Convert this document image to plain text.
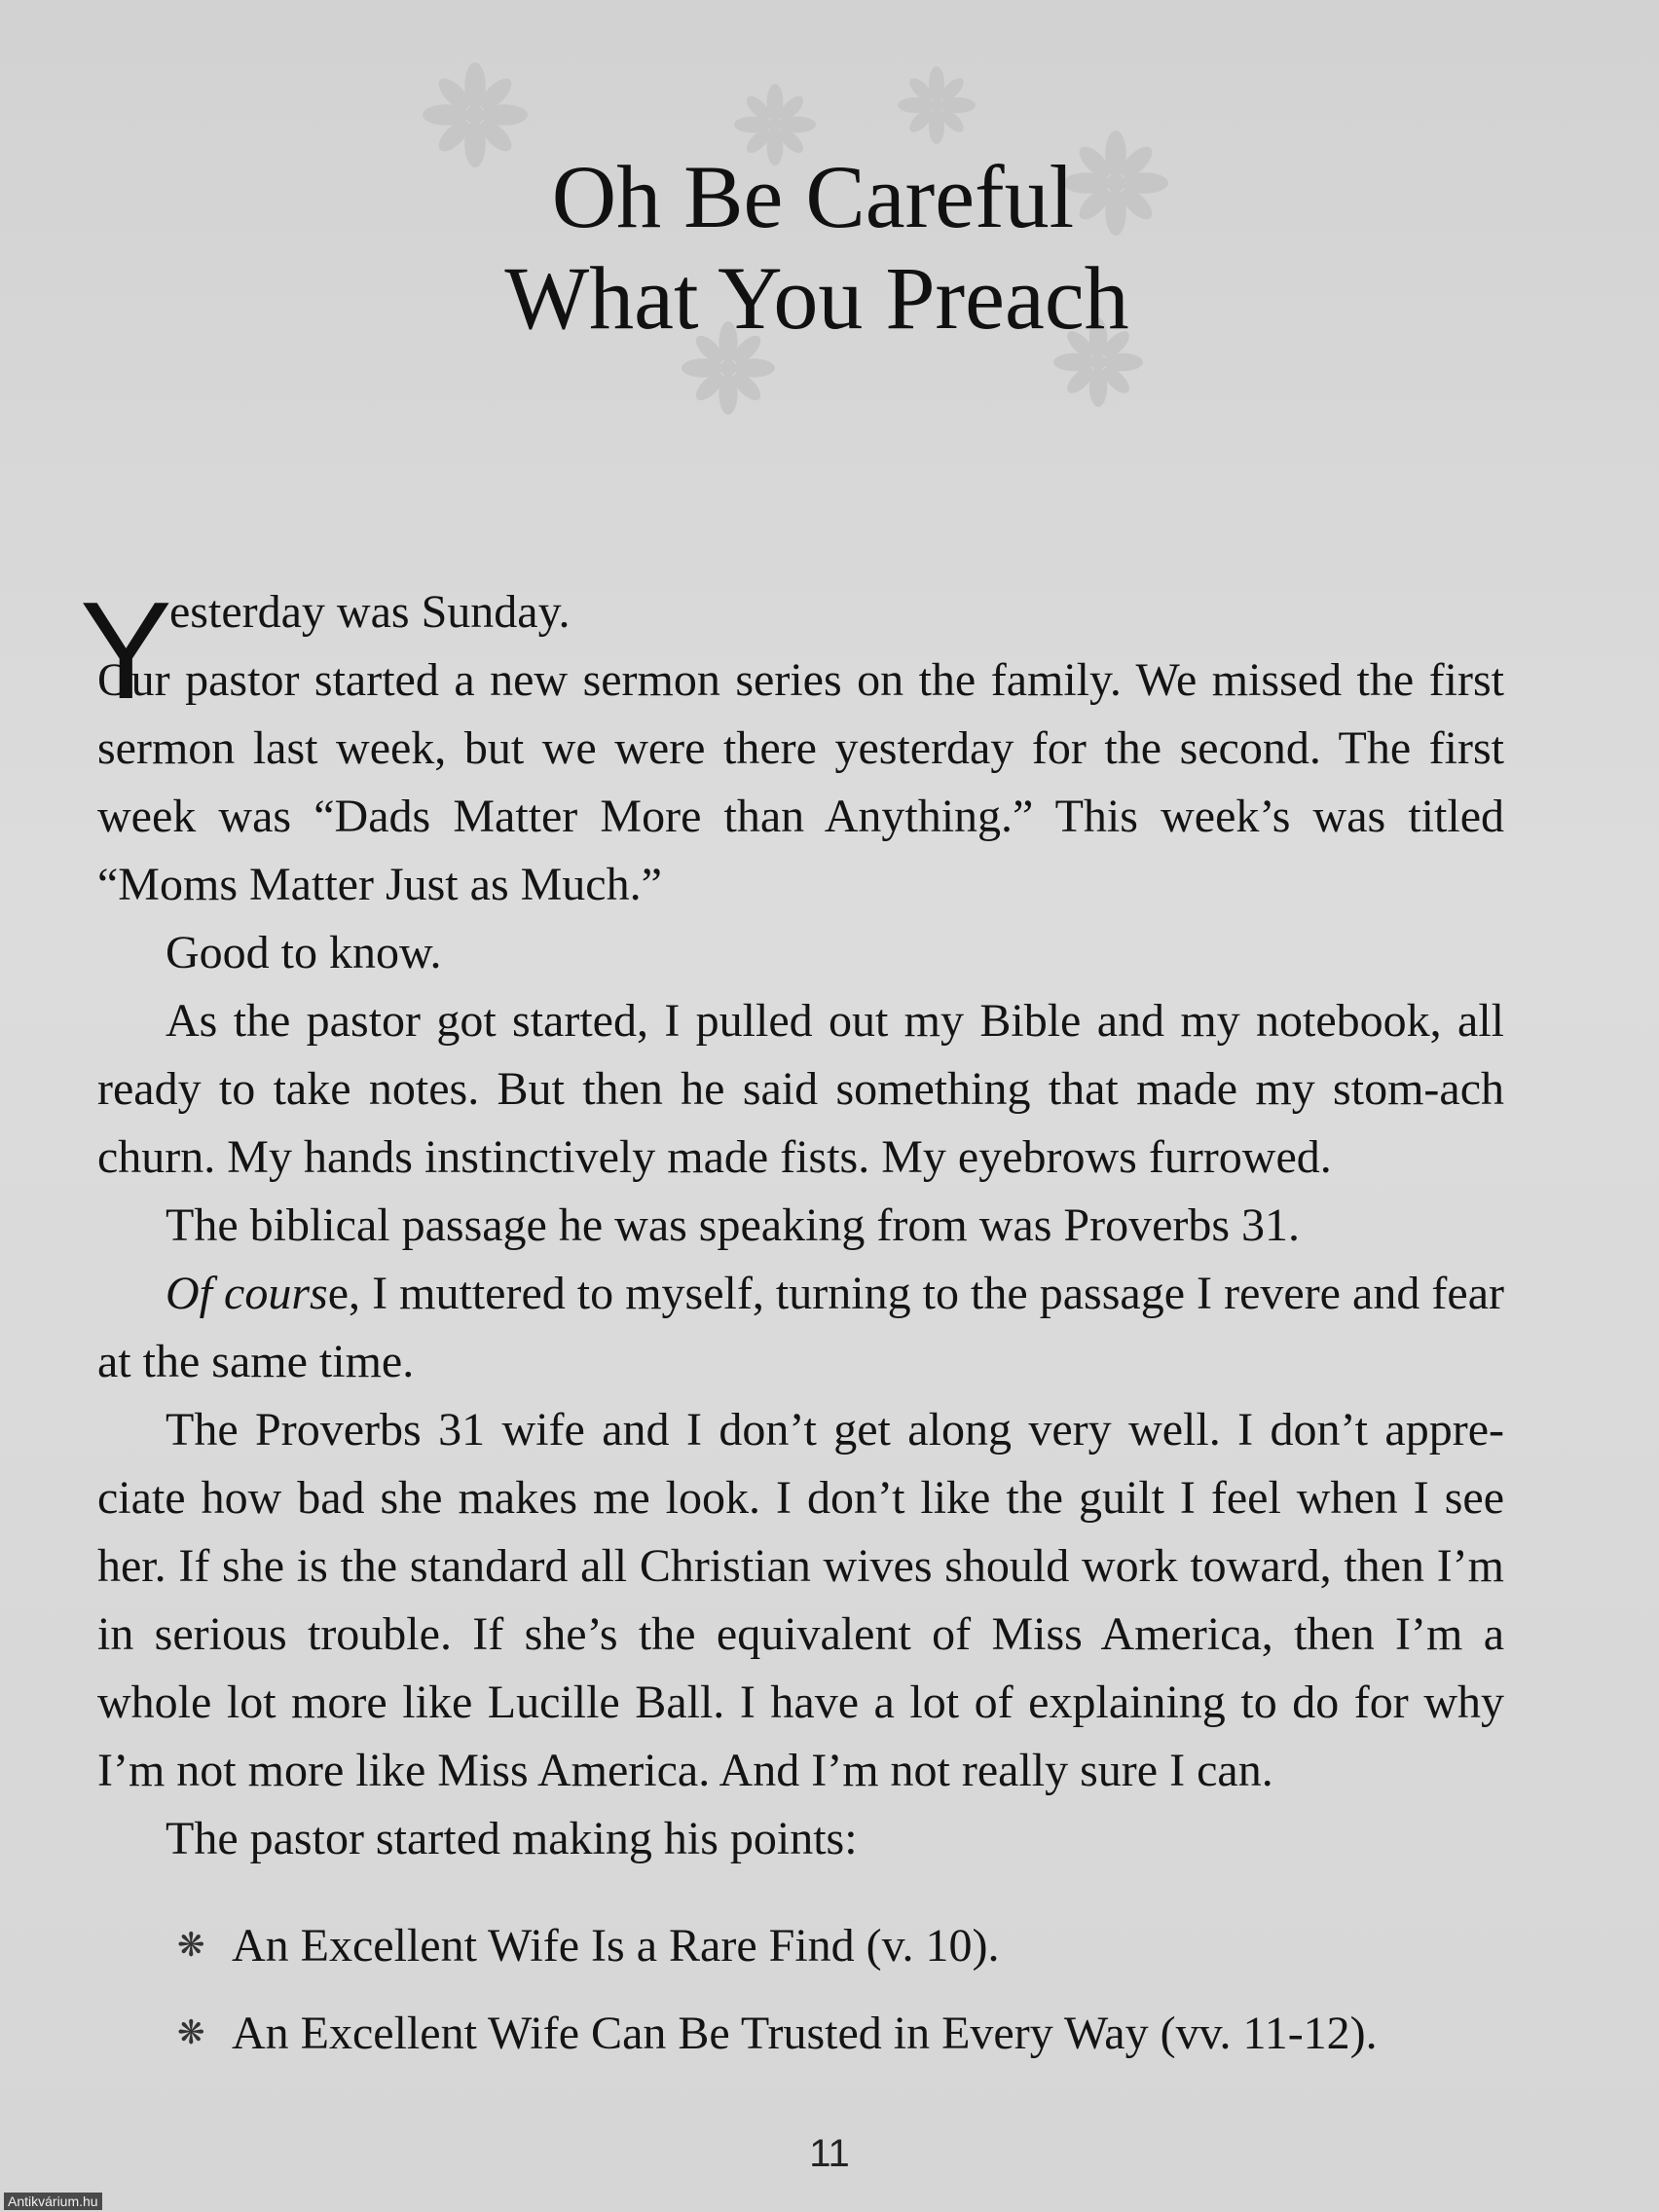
Oh Be Careful
What You Preach
Y

esterday was Sunday.

Our pastor started a new sermon series on the family. We missed the first sermon last week, but we were there yesterday for the second. The first week was “Dads Matter More than Anything.” This week’s was titled “Moms Matter Just as Much.”

Good to know.

As the pastor got started, I pulled out my Bible and my notebook, all ready to take notes. But then he said something that made my stom-ach churn. My hands instinctively made fists. My eyebrows furrowed.

The biblical passage he was speaking from was Proverbs 31.

Of course, I muttered to myself, turning to the passage I revere and fear at the same time.

The Proverbs 31 wife and I don’t get along very well. I don’t appre-ciate how bad she makes me look. I don’t like the guilt I feel when I see her. If she is the standard all Christian wives should work toward, then I’m in serious trouble. If she’s the equivalent of Miss America, then I’m a whole lot more like Lucille Ball. I have a lot of explaining to do for why I’m not more like Miss America. And I’m not really sure I can.

The pastor started making his points:

❋ An Excellent Wife Is a Rare Find (v. 10).
❋ An Excellent Wife Can Be Trusted in Every Way (vv. 11-12).
11
Antikvárium.hu
